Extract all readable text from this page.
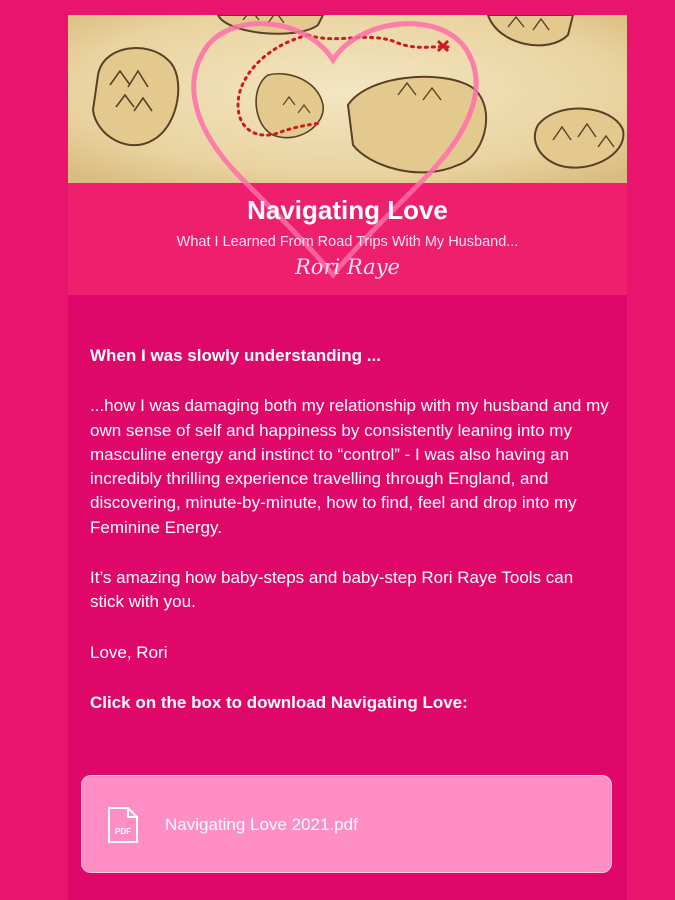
Navigating Love
What I Learned From Road Trips With My Husband...
Rori Raye

When I was slowly understanding ...

...how I was damaging both my relationship with my husband and my own sense of self and happiness by consistently leaning into my masculine energy and instinct to “control” - I was also having an incredibly thrilling experience travelling through England, and discovering, minute-by-minute, how to find, feel and drop into my Feminine Energy.

It’s amazing how baby-steps and baby-step Rori Raye Tools can stick with you.

Love, Rori

Click on the box to download Navigating Love:

PDF Navigating Love 2021.pdf
